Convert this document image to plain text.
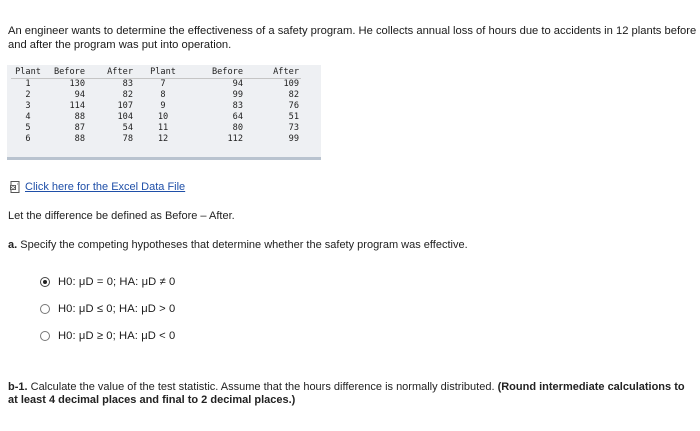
An engineer wants to determine the effectiveness of a safety program. He collects annual loss of hours due to accidents in 12 plants before and after the program was put into operation.
Plant	Before	After	Plant	Before	After
1	130	83	7	94	109
2	94	82	8	99	82
3	114	107	9	83	76
4	88	104	10	64	51
5	87	54	11	80	73
6	88	78	12	112	99
Click here for the Excel Data File
Let the difference be defined as Before – After.
a. Specify the competing hypotheses that determine whether the safety program was effective.
H0: μD = 0; HA: μD ≠ 0
H0: μD ≤ 0; HA: μD > 0
H0: μD ≥ 0; HA: μD < 0
b-1. Calculate the value of the test statistic. Assume that the hours difference is normally distributed. (Round intermediate calculations to at least 4 decimal places and final to 2 decimal places.)
